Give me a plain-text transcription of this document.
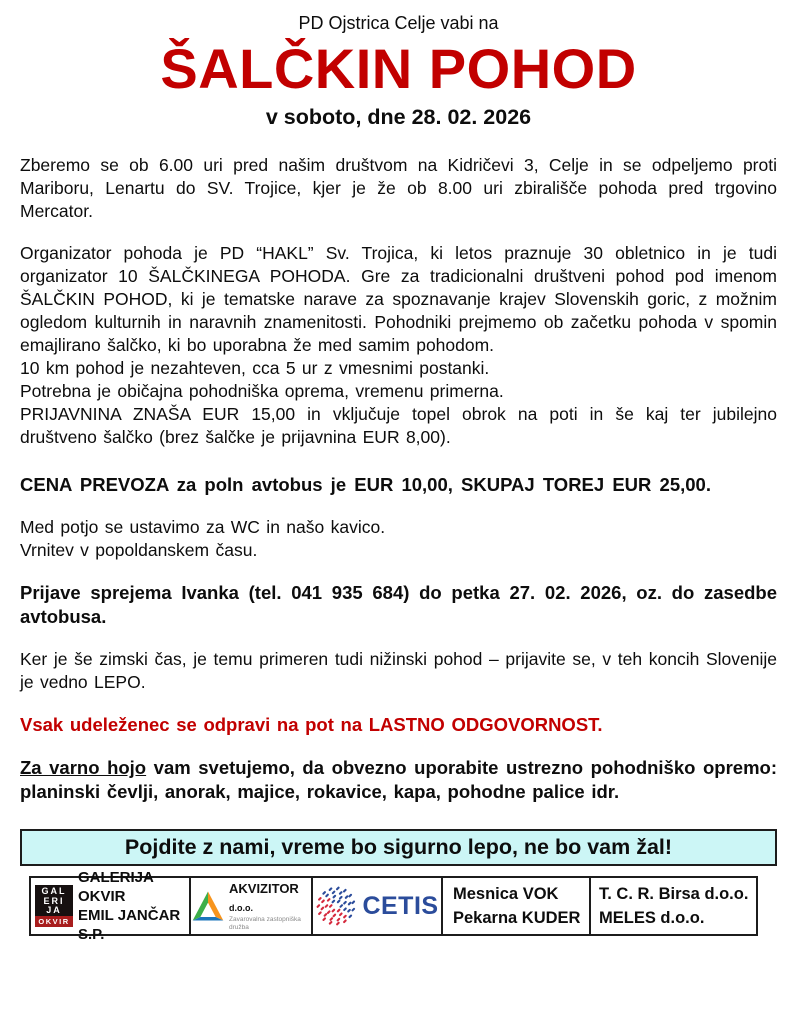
PD Ojstrica Celje vabi na
ŠALČKIN POHOD
v soboto, dne 28. 02. 2026

Zberemo se ob 6.00 uri pred našim društvom na Kidričevi 3, Celje in se odpeljemo proti Mariboru, Lenartu do SV. Trojice, kjer je že ob 8.00 uri zbirališče pohoda pred trgovino Mercator.

Organizator pohoda je PD “HAKL” Sv. Trojica, ki letos praznuje 30 obletnico in je tudi organizator 10 ŠALČKINEGA POHODA. Gre za tradicionalni društveni pohod pod imenom ŠALČKIN POHOD, ki je tematske narave za spoznavanje krajev Slovenskih goric, z možnim ogledom kulturnih in naravnih znamenitosti. Pohodniki prejmemo ob začetku pohoda v spomin emajlirano šalčko, ki bo uporabna že med samim pohodom.

10 km pohod je nezahteven, cca 5 ur z vmesnimi postanki.

Potrebna je običajna pohodniška oprema, vremenu primerna.

PRIJAVNINA ZNAŠA EUR 15,00 in vključuje topel obrok na poti in še kaj ter jubilejno društveno šalčko (brez šalčke je prijavnina EUR 8,00).

CENA PREVOZA za poln avtobus je EUR 10,00, SKUPAJ TOREJ EUR 25,00.

Med potjo se ustavimo za WC in našo kavico.

Vrnitev v popoldanskem času.

Prijave sprejema Ivanka (tel. 041 935 684) do petka 27. 02. 2026, oz. do zasedbe avtobusa.

Ker je še zimski čas, je temu primeren tudi nižinski pohod – prijavite se, v teh koncih Slovenije je vedno LEPO.

Vsak udeleženec se odpravi na pot na LASTNO ODGOVORNOST.

Za varno hojo vam svetujemo, da obvezno uporabite ustrezno pohodniško opremo: planinski čevlji, anorak, majice, rokavice, kapa, pohodne palice idr.

Pojdite z nami, vreme bo sigurno lepo, ne bo vam žal!
GAL
ERI
JA
OKVIR
GALERIJA OKVIR
EMIL JANČAR S.P.
AKVIZITOR d.o.o.
Zavarovalna zastopniška družba
CETIS Mesnica VOK
Pekarna KUDER
T. C. R. Birsa d.o.o.
MELES d.o.o.
